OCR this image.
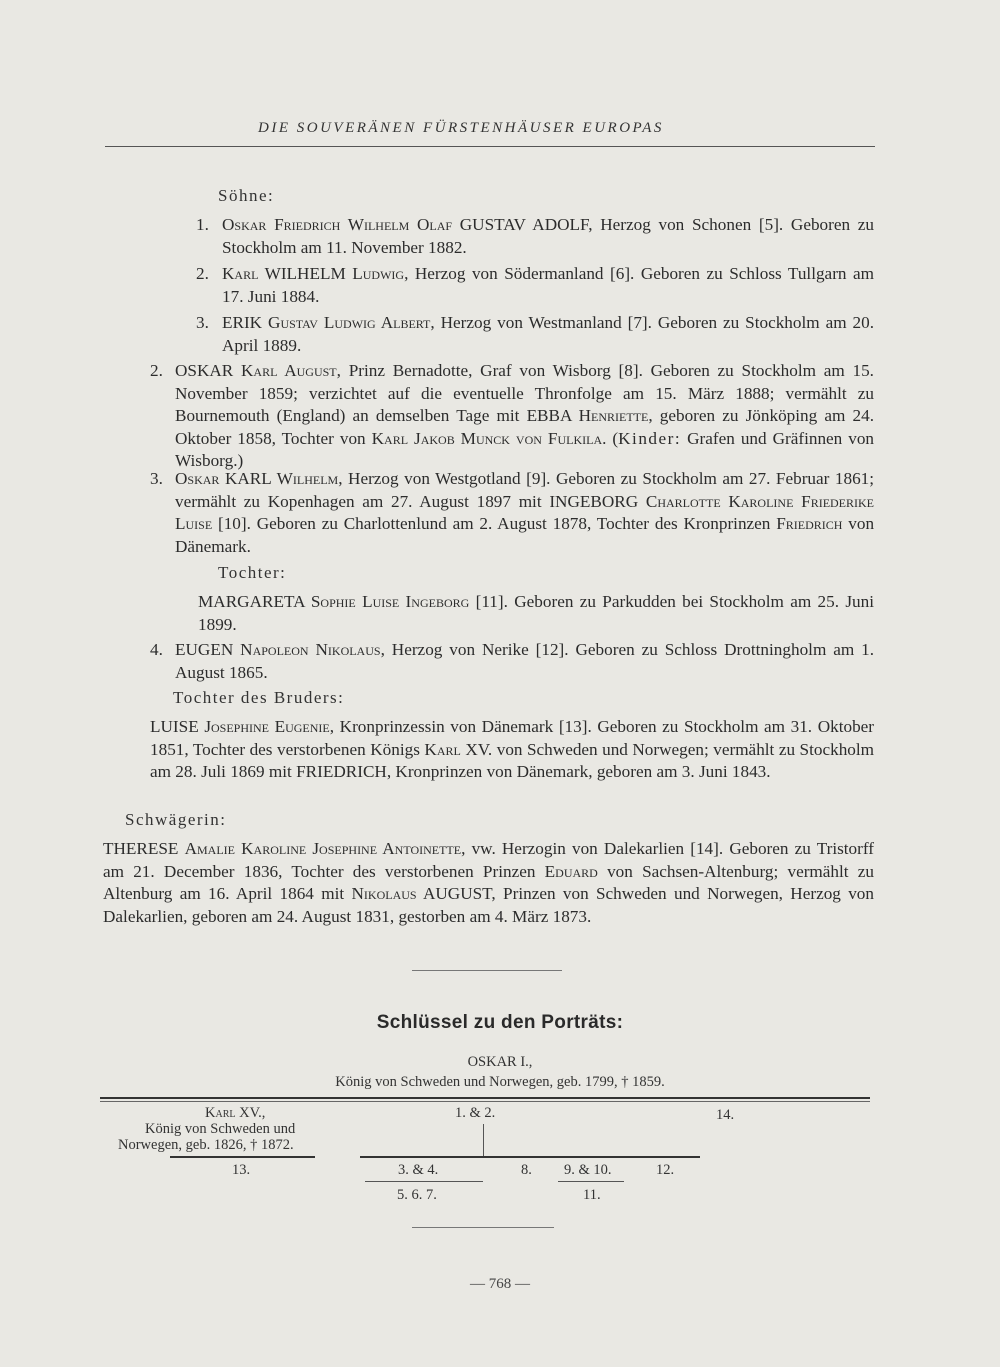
DIE SOUVERÄNEN FÜRSTENHÄUSER EUROPAS
Söhne:
1. Oskar Friedrich Wilhelm Olaf GUSTAV ADOLF, Herzog von Schonen [5]. Geboren zu Stockholm am 11. November 1882.
2. Karl WILHELM Ludwig, Herzog von Södermanland [6]. Geboren zu Schloss Tullgarn am 17. Juni 1884.
3. ERIK Gustav Ludwig Albert, Herzog von Westmanland [7]. Geboren zu Stockholm am 20. April 1889.
2. OSKAR Karl August, Prinz Bernadotte, Graf von Wisborg [8]. Geboren zu Stockholm am 15. November 1859; verzichtet auf die eventuelle Thronfolge am 15. März 1888; vermählt zu Bournemouth (England) an demselben Tage mit EBBA Henriette, geboren zu Jönköping am 24. Oktober 1858, Tochter von Karl Jakob Munck von Fulkila. (Kinder: Grafen und Gräfinnen von Wisborg.)
3. Oskar KARL Wilhelm, Herzog von Westgotland [9]. Geboren zu Stockholm am 27. Februar 1861; vermählt zu Kopenhagen am 27. August 1897 mit INGEBORG Charlotte Karoline Friederike Luise [10]. Geboren zu Charlottenlund am 2. August 1878, Tochter des Kronprinzen Friedrich von Dänemark.
Tochter:
MARGARETA Sophie Luise Ingeborg [11]. Geboren zu Parkudden bei Stockholm am 25. Juni 1899.
4. EUGEN Napoleon Nikolaus, Herzog von Nerike [12]. Geboren zu Schloss Drottningholm am 1. August 1865.
Tochter des Bruders:
LUISE Josephine Eugenie, Kronprinzessin von Dänemark [13]. Geboren zu Stockholm am 31. Oktober 1851, Tochter des verstorbenen Königs Karl XV. von Schweden und Norwegen; vermählt zu Stockholm am 28. Juli 1869 mit FRIEDRICH, Kronprinzen von Dänemark, geboren am 3. Juni 1843.
Schwägerin:
THERESE Amalie Karoline Josephine Antoinette, vw. Herzogin von Dalekarlien [14]. Geboren zu Tristorff am 21. December 1836, Tochter des verstorbenen Prinzen Eduard von Sachsen-Altenburg; vermählt zu Altenburg am 16. April 1864 mit Nikolaus AUGUST, Prinzen von Schweden und Norwegen, Herzog von Dalekarlien, geboren am 24. August 1831, gestorben am 4. März 1873.
Schlüssel zu den Porträts:
OSKAR I.,
König von Schweden und Norwegen, geb. 1799, † 1859.
Karl XV.,
König von Schweden und
Norwegen, geb. 1826, † 1872.
1. & 2.	14.
13.	3. & 4.	8. 9. & 10.	12.
5. 6. 7.	11.
— 768 —
